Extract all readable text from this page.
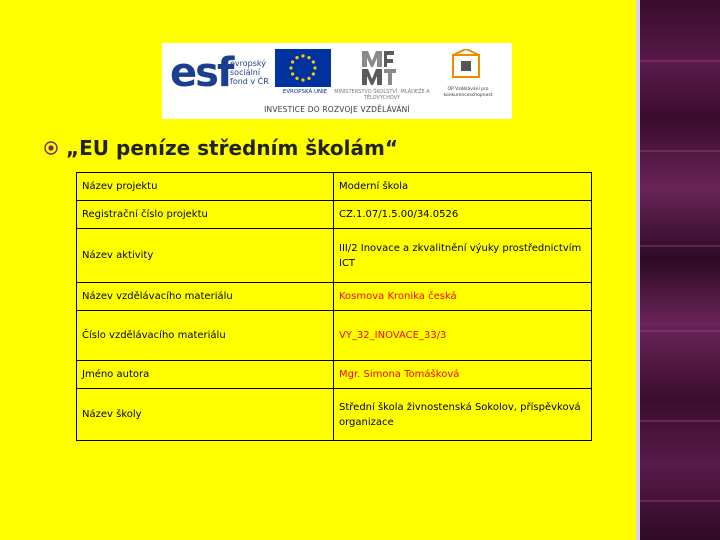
esf
evropský sociální fond v ČR
EVROPSKÁ UNIE	MINISTERSTVO ŠKOLSTVÍ, MLÁDEŽE A TĚLOVÝCHOVY
OP Vzdělávání pro konkurenceschopnost
INVESTICE DO ROZVOJE VZDĚLÁVÁNÍ
„EU peníze středním školám“
Název projektu	Moderní škola
Registrační číslo projektu	CZ.1.07/1.5.00/34.0526
Název aktivity	III/2 Inovace a zkvalitnění výuky prostřednictvím ICT
Název vzdělávacího materiálu	Kosmova Kronika česká
Číslo vzdělávacího materiálu	VY_32_INOVACE_33/3
Jméno autora	Mgr. Simona Tomášková
Název školy	Střední škola živnostenská Sokolov, příspěvková organizace
